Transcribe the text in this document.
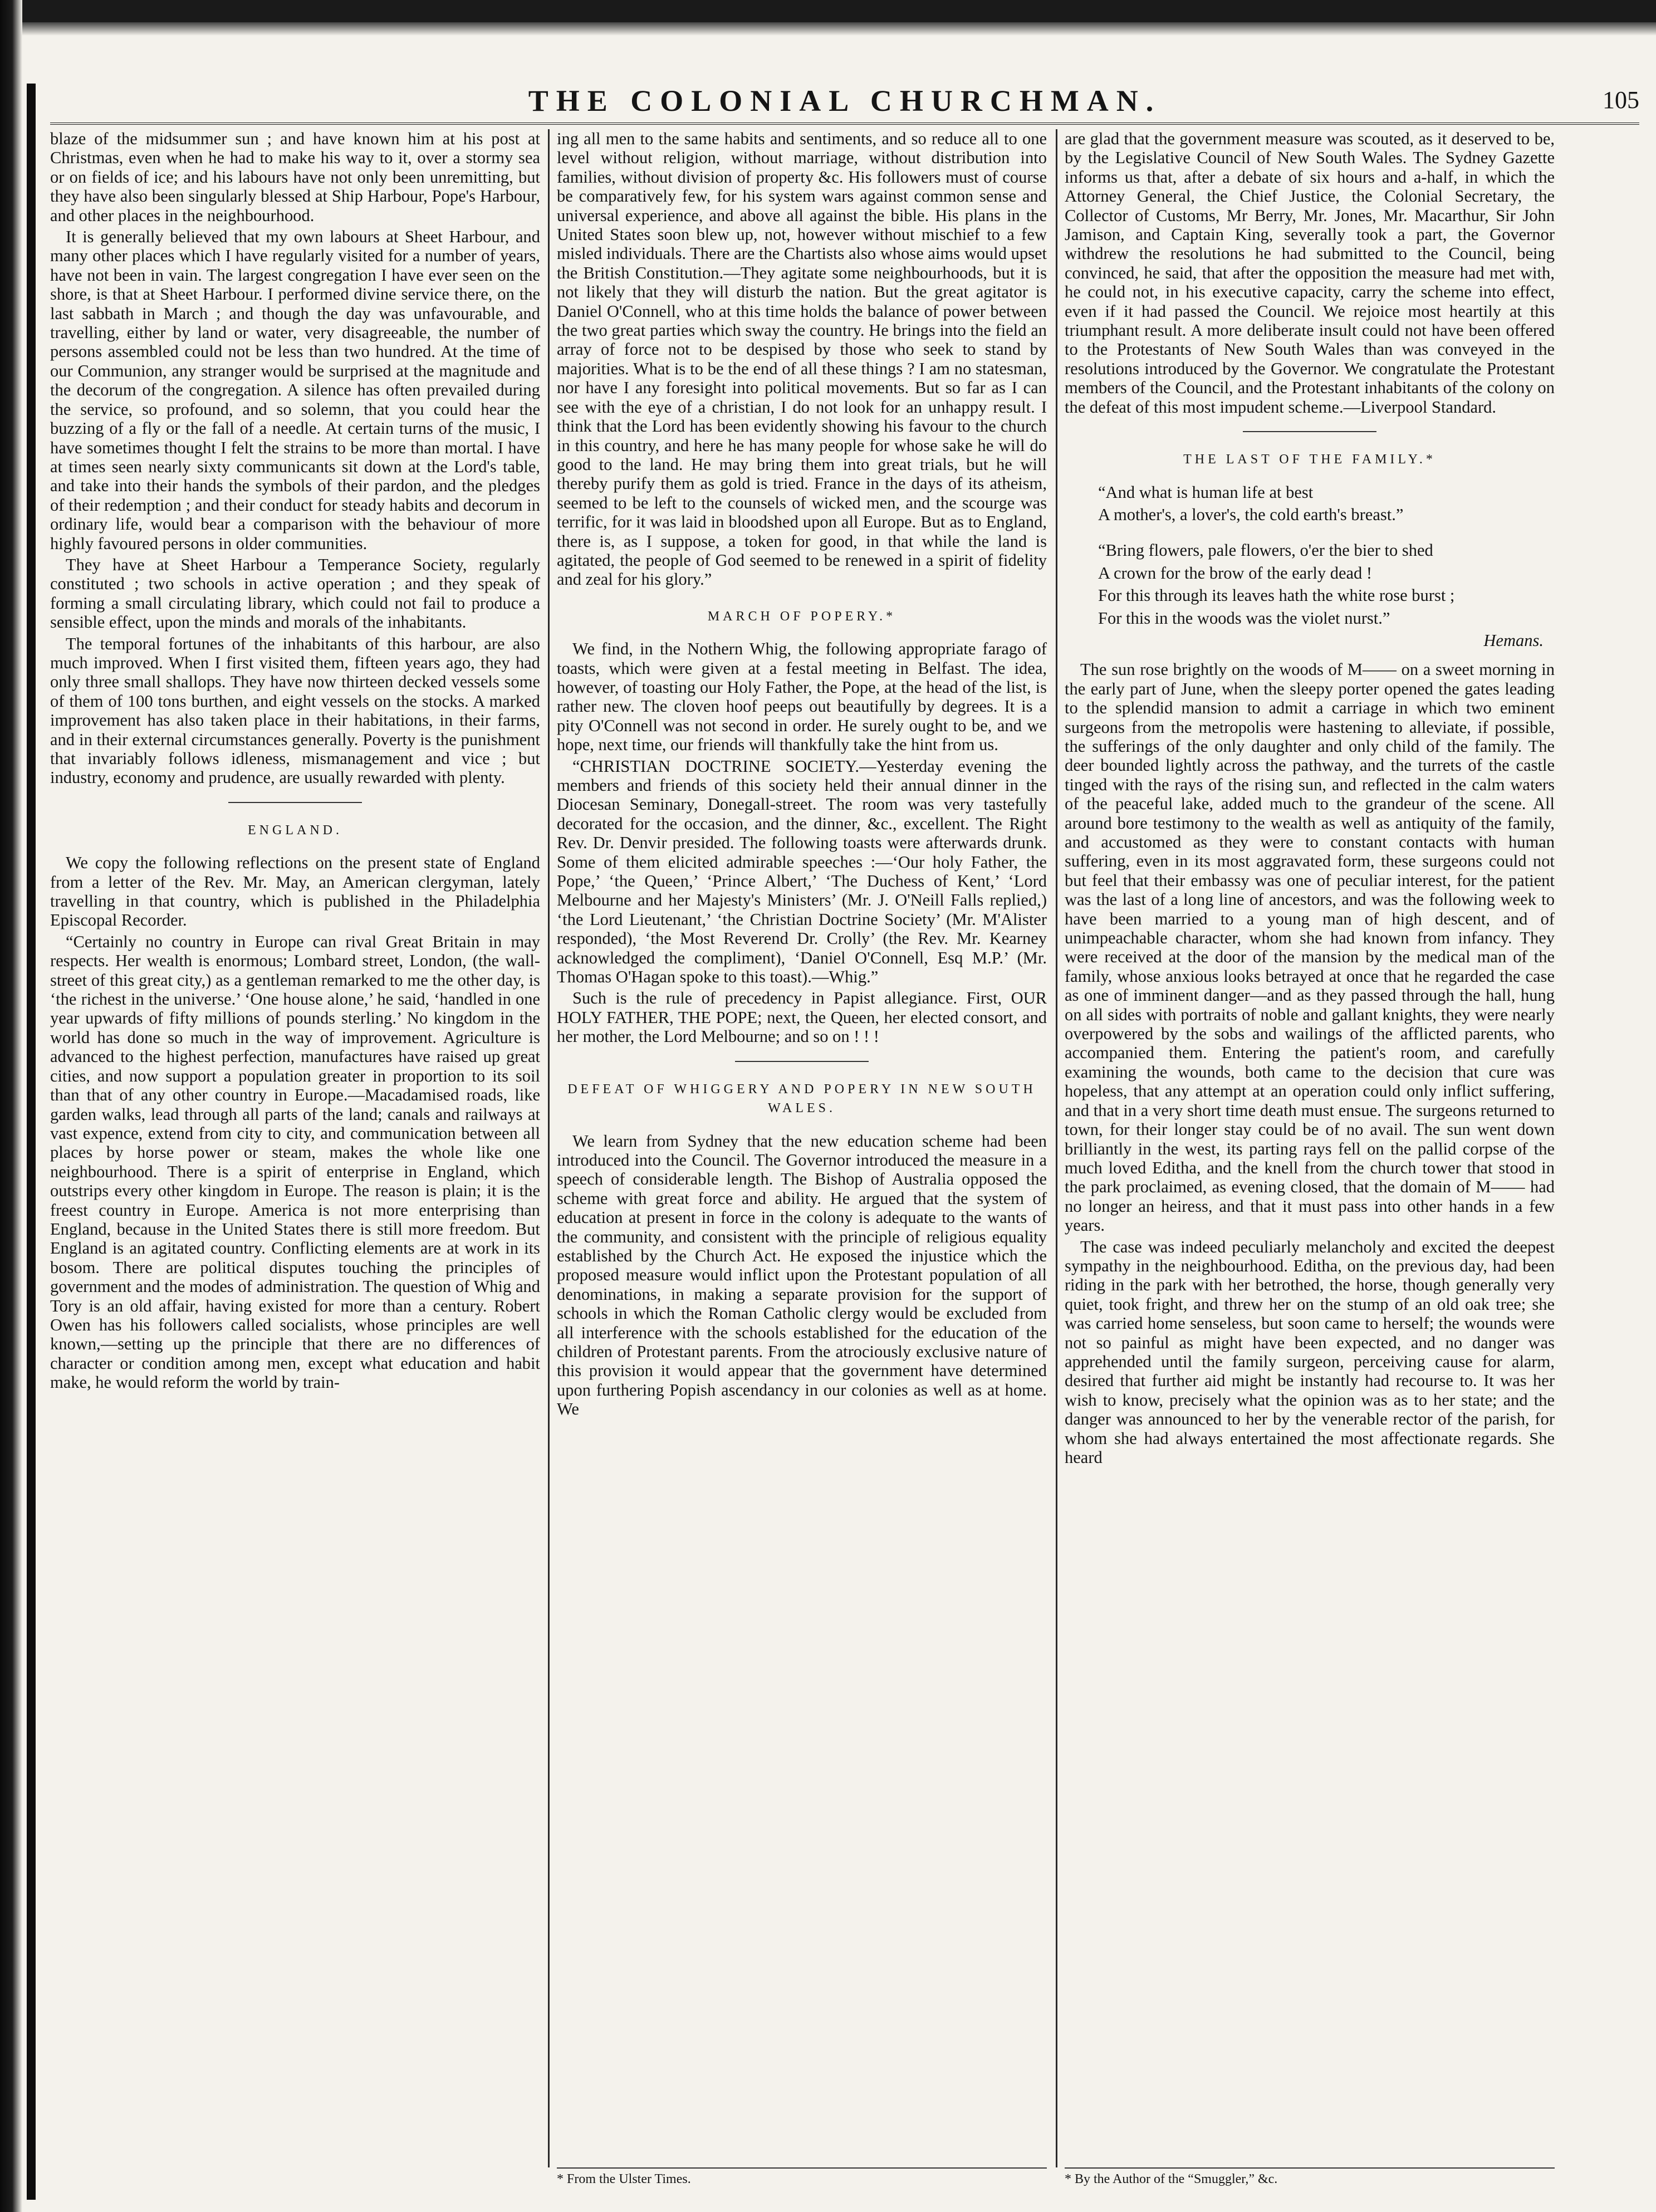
THE COLONIAL CHURCHMAN.	105

blaze of the midsummer sun ; and have known him at his post at Christmas, even when he had to make his way to it, over a stormy sea or on fields of ice; and his labours have not only been unremitting, but they have also been singularly blessed at Ship Harbour, Pope's Harbour, and other places in the neighbourhood.

It is generally believed that my own labours at Sheet Harbour, and many other places which I have regularly visited for a number of years, have not been in vain. The largest congregation I have ever seen on the shore, is that at Sheet Harbour. I performed divine service there, on the last sabbath in March ; and though the day was unfavourable, and travelling, either by land or water, very disagreeable, the number of persons assembled could not be less than two hundred. At the time of our Communion, any stranger would be surprised at the magnitude and the decorum of the congregation. A silence has often prevailed during the service, so profound, and so solemn, that you could hear the buzzing of a fly or the fall of a needle. At certain turns of the music, I have sometimes thought I felt the strains to be more than mortal. I have at times seen nearly sixty communicants sit down at the Lord's table, and take into their hands the symbols of their pardon, and the pledges of their redemption ; and their conduct for steady habits and decorum in ordinary life, would bear a comparison with the behaviour of more highly favoured persons in older communities.

They have at Sheet Harbour a Temperance Society, regularly constituted ; two schools in active operation ; and they speak of forming a small circulating library, which could not fail to produce a sensible effect, upon the minds and morals of the inhabitants.

The temporal fortunes of the inhabitants of this harbour, are also much improved. When I first visited them, fifteen years ago, they had only three small shallops. They have now thirteen decked vessels some of them of 100 tons burthen, and eight vessels on the stocks. A marked improvement has also taken place in their habitations, in their farms, and in their external circumstances generally. Poverty is the punishment that invariably follows idleness, mismanagement and vice ; but industry, economy and prudence, are usually rewarded with plenty.

ENGLAND.

We copy the following reflections on the present state of England from a letter of the Rev. Mr. May, an American clergyman, lately travelling in that country, which is published in the Philadelphia Episcopal Recorder.

“Certainly no country in Europe can rival Great Britain in may respects. Her wealth is enormous; Lombard street, London, (the wall-street of this great city,) as a gentleman remarked to me the other day, is ‘the richest in the universe.’ ‘One house alone,’ he said, ‘handled in one year upwards of fifty millions of pounds sterling.’ No kingdom in the world has done so much in the way of improvement. Agriculture is advanced to the highest perfection, manufactures have raised up great cities, and now support a population greater in proportion to its soil than that of any other country in Europe.—Macadamised roads, like garden walks, lead through all parts of the land; canals and railways at vast expence, extend from city to city, and communication between all places by horse power or steam, makes the whole like one neighbourhood. There is a spirit of enterprise in England, which outstrips every other kingdom in Europe. The reason is plain; it is the freest country in Europe. America is not more enterprising than England, because in the United States there is still more freedom. But England is an agitated country. Conflicting elements are at work in its bosom. There are political disputes touching the principles of government and the modes of administration. The question of Whig and Tory is an old affair, having existed for more than a century. Robert Owen has his followers called socialists, whose principles are well known,—setting up the principle that there are no differences of character or condition among men, except what education and habit make, he would reform the world by train-

ing all men to the same habits and sentiments, and so reduce all to one level without religion, without marriage, without distribution into families, without division of property &c. His followers must of course be comparatively few, for his system wars against common sense and universal experience, and above all against the bible. His plans in the United States soon blew up, not, however without mischief to a few misled individuals. There are the Chartists also whose aims would upset the British Constitution.—They agitate some neighbourhoods, but it is not likely that they will disturb the nation. But the great agitator is Daniel O'Connell, who at this time holds the balance of power between the two great parties which sway the country. He brings into the field an array of force not to be despised by those who seek to stand by majorities. What is to be the end of all these things ? I am no statesman, nor have I any foresight into political movements. But so far as I can see with the eye of a christian, I do not look for an unhappy result. I think that the Lord has been evidently showing his favour to the church in this country, and here he has many people for whose sake he will do good to the land. He may bring them into great trials, but he will thereby purify them as gold is tried. France in the days of its atheism, seemed to be left to the counsels of wicked men, and the scourge was terrific, for it was laid in bloodshed upon all Europe. But as to England, there is, as I suppose, a token for good, in that while the land is agitated, the people of God seemed to be renewed in a spirit of fidelity and zeal for his glory.”

MARCH OF POPERY.*

We find, in the Nothern Whig, the following appropriate farago of toasts, which were given at a festal meeting in Belfast. The idea, however, of toasting our Holy Father, the Pope, at the head of the list, is rather new. The cloven hoof peeps out beautifully by degrees. It is a pity O'Connell was not second in order. He surely ought to be, and we hope, next time, our friends will thankfully take the hint from us.

“CHRISTIAN DOCTRINE SOCIETY.—Yesterday evening the members and friends of this society held their annual dinner in the Diocesan Seminary, Donegall-street. The room was very tastefully decorated for the occasion, and the dinner, &c., excellent. The Right Rev. Dr. Denvir presided. The following toasts were afterwards drunk. Some of them elicited admirable speeches :—‘Our holy Father, the Pope,’ ‘the Queen,’ ‘Prince Albert,’ ‘The Duchess of Kent,’ ‘Lord Melbourne and her Majesty's Ministers’ (Mr. J. O'Neill Falls replied,) ‘the Lord Lieutenant,’ ‘the Christian Doctrine Society’ (Mr. M'Alister responded), ‘the Most Reverend Dr. Crolly’ (the Rev. Mr. Kearney acknowledged the compliment), ‘Daniel O'Connell, Esq M.P.’ (Mr. Thomas O'Hagan spoke to this toast).—Whig.”

Such is the rule of precedency in Papist allegiance. First, OUR HOLY FATHER, THE POPE; next, the Queen, her elected consort, and her mother, the Lord Melbourne; and so on ! ! !

DEFEAT OF WHIGGERY AND POPERY IN NEW SOUTH WALES.

We learn from Sydney that the new education scheme had been introduced into the Council. The Governor introduced the measure in a speech of considerable length. The Bishop of Australia opposed the scheme with great force and ability. He argued that the system of education at present in force in the colony is adequate to the wants of the community, and consistent with the principle of religious equality established by the Church Act. He exposed the injustice which the proposed measure would inflict upon the Protestant population of all denominations, in making a separate provision for the support of schools in which the Roman Catholic clergy would be excluded from all interference with the schools established for the education of the children of Protestant parents. From the atrociously exclusive nature of this provision it would appear that the government have determined upon furthering Popish ascendancy in our colonies as well as at home. We

are glad that the government measure was scouted, as it deserved to be, by the Legislative Council of New South Wales. The Sydney Gazette informs us that, after a debate of six hours and a-half, in which the Attorney General, the Chief Justice, the Colonial Secretary, the Collector of Customs, Mr Berry, Mr. Jones, Mr. Macarthur, Sir John Jamison, and Captain King, severally took a part, the Governor withdrew the resolutions he had submitted to the Council, being convinced, he said, that after the opposition the measure had met with, he could not, in his executive capacity, carry the scheme into effect, even if it had passed the Council. We rejoice most heartily at this triumphant result. A more deliberate insult could not have been offered to the Protestants of New South Wales than was conveyed in the resolutions introduced by the Governor. We congratulate the Protestant members of the Council, and the Protestant inhabitants of the colony on the defeat of this most impudent scheme.—Liverpool Standard.

THE LAST OF THE FAMILY.*
“And what is human life at best
A mother's, a lover's, the cold earth's breast.”
“Bring flowers, pale flowers, o'er the bier to shed
A crown for the brow of the early dead !
For this through its leaves hath the white rose burst ;
For this in the woods was the violet nurst.”
Hemans.

The sun rose brightly on the woods of M—— on a sweet morning in the early part of June, when the sleepy porter opened the gates leading to the splendid mansion to admit a carriage in which two eminent surgeons from the metropolis were hastening to alleviate, if possible, the sufferings of the only daughter and only child of the family. The deer bounded lightly across the pathway, and the turrets of the castle tinged with the rays of the rising sun, and reflected in the calm waters of the peaceful lake, added much to the grandeur of the scene. All around bore testimony to the wealth as well as antiquity of the family, and accustomed as they were to constant contacts with human suffering, even in its most aggravated form, these surgeons could not but feel that their embassy was one of peculiar interest, for the patient was the last of a long line of ancestors, and was the following week to have been married to a young man of high descent, and of unimpeachable character, whom she had known from infancy. They were received at the door of the mansion by the medical man of the family, whose anxious looks betrayed at once that he regarded the case as one of imminent danger—and as they passed through the hall, hung on all sides with portraits of noble and gallant knights, they were nearly overpowered by the sobs and wailings of the afflicted parents, who accompanied them. Entering the patient's room, and carefully examining the wounds, both came to the decision that cure was hopeless, that any attempt at an operation could only inflict suffering, and that in a very short time death must ensue. The surgeons returned to town, for their longer stay could be of no avail. The sun went down brilliantly in the west, its parting rays fell on the pallid corpse of the much loved Editha, and the knell from the church tower that stood in the park proclaimed, as evening closed, that the domain of M—— had no longer an heiress, and that it must pass into other hands in a few years.

The case was indeed peculiarly melancholy and excited the deepest sympathy in the neighbourhood. Editha, on the previous day, had been riding in the park with her betrothed, the horse, though generally very quiet, took fright, and threw her on the stump of an old oak tree; she was carried home senseless, but soon came to herself; the wounds were not so painful as might have been expected, and no danger was apprehended until the family surgeon, perceiving cause for alarm, desired that further aid might be instantly had recourse to. It was her wish to know, precisely what the opinion was as to her state; and the danger was announced to her by the venerable rector of the parish, for whom she had always entertained the most affectionate regards. She heard

* From the Ulster Times.	* By the Author of the “Smuggler,” &c.
